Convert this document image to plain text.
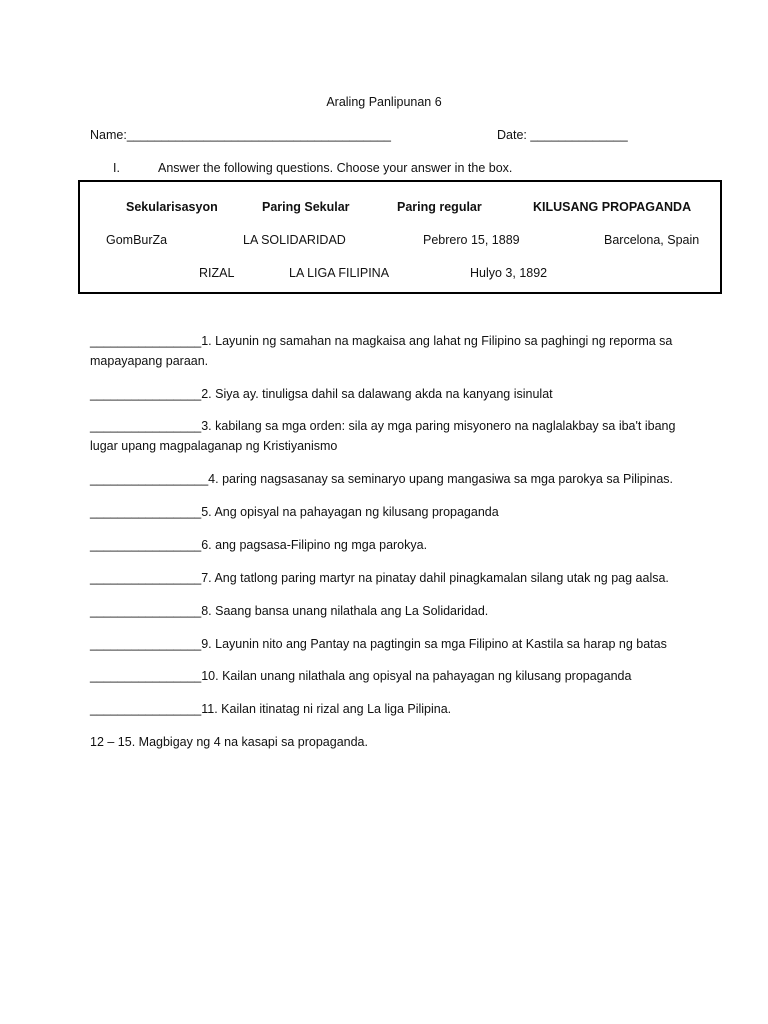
Araling Panlipunan 6
Name:______________________________________	Date: ______________
I.	Answer the following questions. Choose your answer in the box.
Sekularisasyon	Paring Sekular	Paring regular	KILUSANG PROPAGANDA
GomBurZa	LA SOLIDARIDAD	Pebrero 15, 1889	Barcelona, Spain
RIZAL	LA LIGA FILIPINA	Hulyo 3, 1892
________________1. Layunin ng samahan na magkaisa ang lahat ng Filipino sa paghingi ng reporma sa mapayapang paraan.
________________2. Siya ay. tinuligsa dahil sa dalawang akda na kanyang isinulat
________________3. kabilang sa mga orden: sila ay mga paring misyonero na naglalakbay sa iba't ibang lugar upang magpalaganap ng Kristiyanismo
_________________4. paring nagsasanay sa seminaryo upang mangasiwa sa mga parokya sa Pilipinas.
________________5. Ang opisyal na pahayagan ng kilusang propaganda
________________6. ang pagsasa-Filipino ng mga parokya.
________________7. Ang tatlong paring martyr na pinatay dahil pinagkamalan silang utak ng pag aalsa.
________________8. Saang bansa unang nilathala ang La Solidaridad.
________________9. Layunin nito ang Pantay na pagtingin sa mga Filipino at Kastila sa harap ng batas
________________10. Kailan unang nilathala ang opisyal na pahayagan ng kilusang propaganda
________________11. Kailan itinatag ni rizal ang La liga Pilipina.
12 – 15. Magbigay ng 4 na kasapi sa propaganda.
